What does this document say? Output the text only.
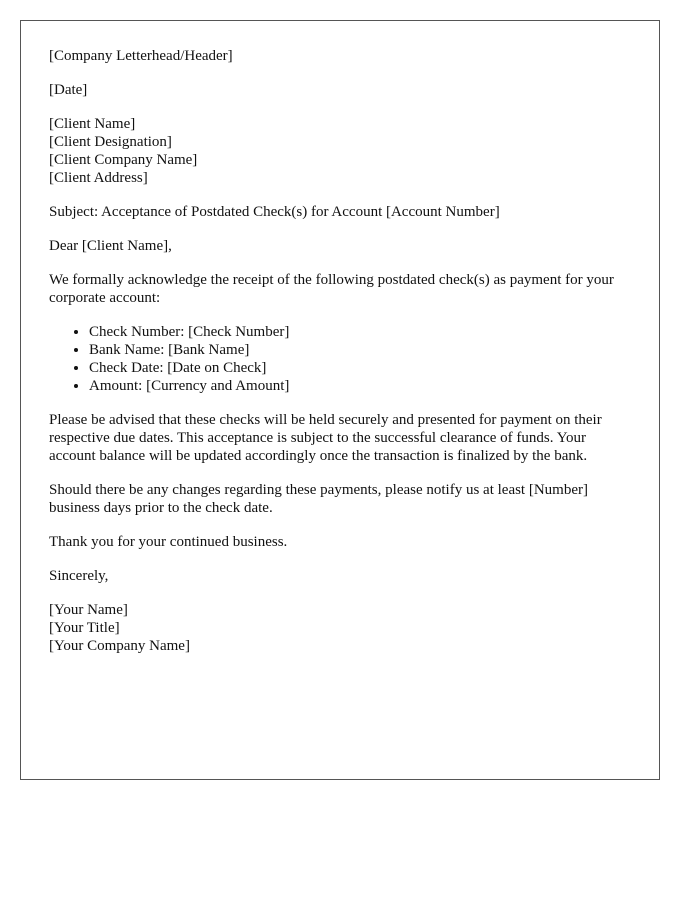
[Company Letterhead/Header]
[Date]
[Client Name]
[Client Designation]
[Client Company Name]
[Client Address]
Subject: Acceptance of Postdated Check(s) for Account [Account Number]
Dear [Client Name],

We formally acknowledge the receipt of the following postdated check(s) as payment for your corporate account:

• Check Number: [Check Number]
• Bank Name: [Bank Name]
• Check Date: [Date on Check]
• Amount: [Currency and Amount]

Please be advised that these checks will be held securely and presented for payment on their respective due dates. This acceptance is subject to the successful clearance of funds. Your account balance will be updated accordingly once the transaction is finalized by the bank.

Should there be any changes regarding these payments, please notify us at least [Number] business days prior to the check date.

Thank you for your continued business.

Sincerely,
[Your Name]
[Your Title]
[Your Company Name]
